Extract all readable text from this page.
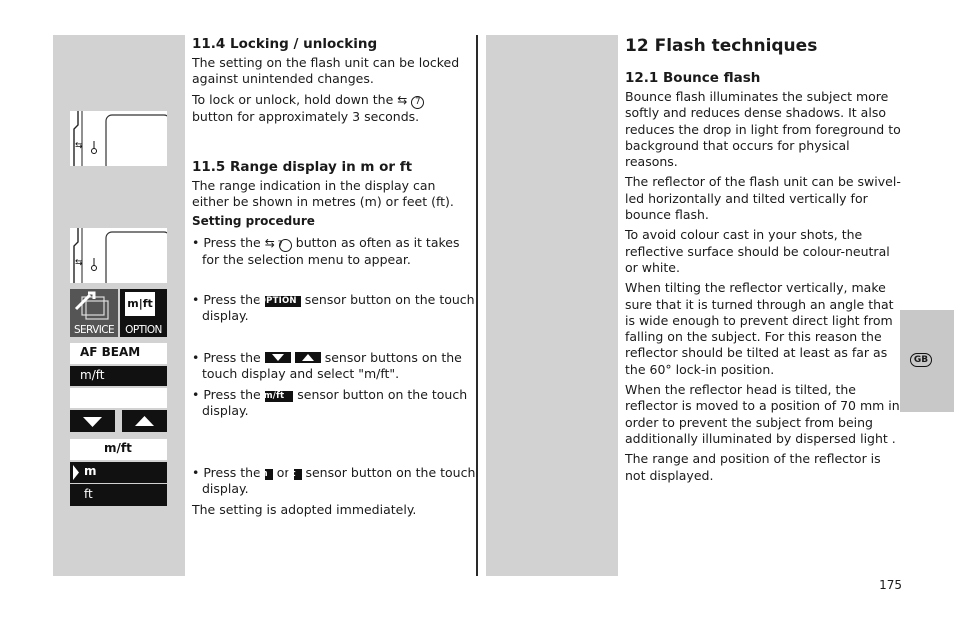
⇆
⇆
SERVICE
m|ft
OPTION
AF BEAM
m/ft
m/ft
m
ft
11.4 Locking / unlocking

The setting on the flash unit can be locked against unintended changes.

To lock or unlock, hold down the ⇆ 7
button for approximately 3 seconds.

11.5 Range display in m or ft

The range indication in the display can either be shown in metres (m) or feet (ft).

Setting procedure
• Press the ⇆ 7 button as often as it takes for the selection menu to appear.
• Press the OPTION sensor button on the touch display.
• Press the
	sensor buttons on the touch display and select "m/ft".
• Press the m/ft sensor button on the touch display.
• Press the m or ft sensor button on the touch display.
The setting is adopted immediately.
12 Flash techniques
12.1 Bounce flash

Bounce flash illuminates the subject more softly and reduces dense shadows. It also reduces the drop in light from foreground to background that occurs for physical reasons.

The reflector of the flash unit can be swivel-led horizontally and tilted vertically for bounce flash.

To avoid colour cast in your shots, the reflective surface should be colour-neutral or white.

When tilting the reflector vertically, make sure that it is turned through an angle that is wide enough to prevent direct light from falling on the subject. For this reason the reflector should be tilted at least as far as the 60° lock-in position.

When the reflector head is tilted, the reflector is moved to a position of 70 mm in order to prevent the subject from being additionally illuminated by dispersed light .

The range and position of the reflector is not displayed.

GB
175
